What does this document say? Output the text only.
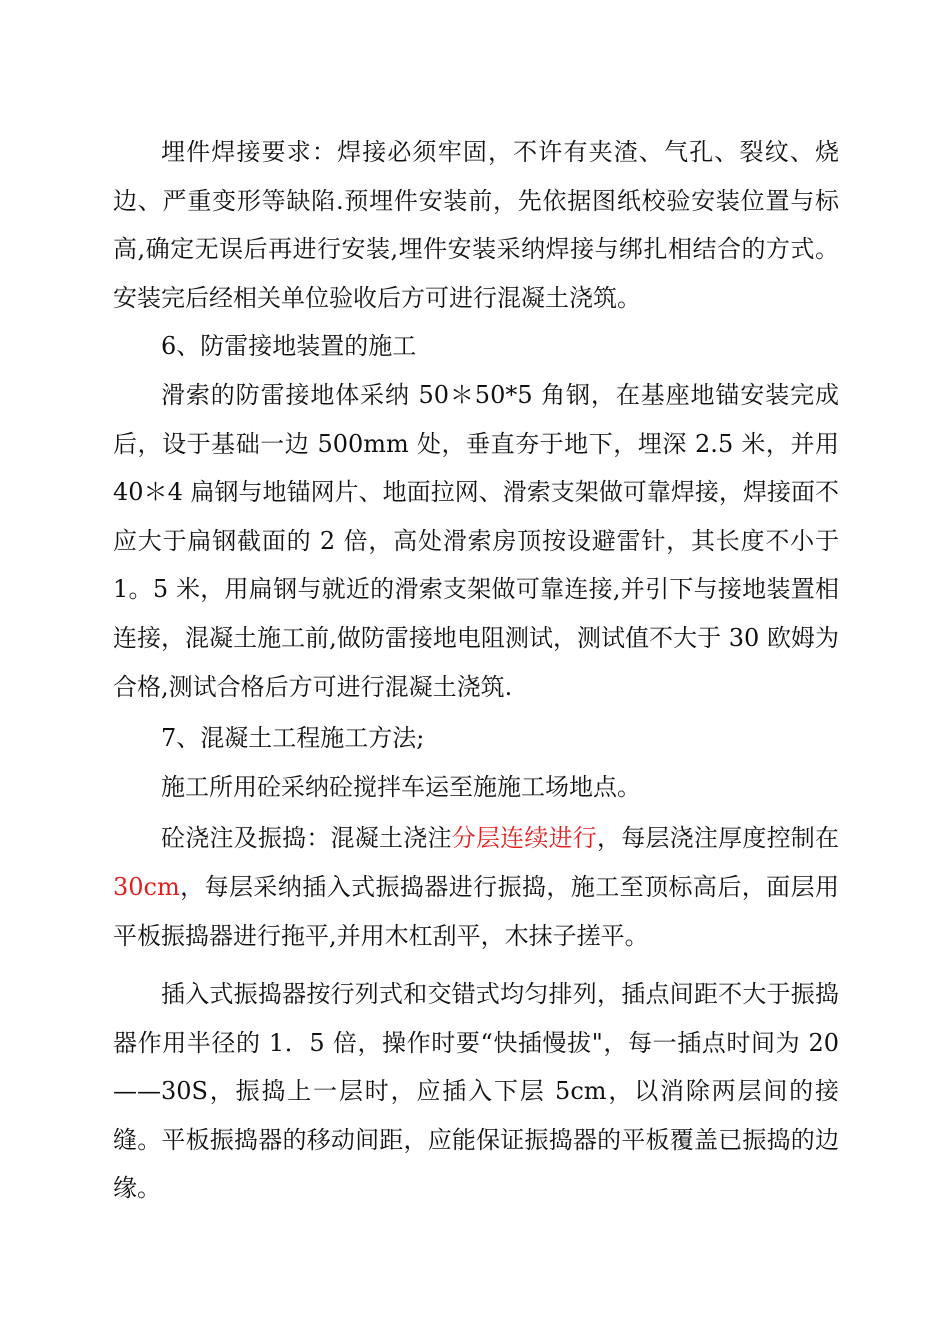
埋件焊接要求：焊接必须牢固，不许有夹渣、气孔、裂纹、烧边、严重变形等缺陷.预埋件安装前，先依据图纸校验安装位置与标高,确定无误后再进行安装,埋件安装采纳焊接与绑扎相结合的方式。安装完后经相关单位验收后方可进行混凝土浇筑。

6、防雷接地装置的施工

滑索的防雷接地体采纳 50＊50*5 角钢，在基座地锚安装完成后，设于基础一边 500mm 处，垂直夯于地下，埋深 2.5 米，并用 40＊4 扁钢与地锚网片、地面拉网、滑索支架做可靠焊接，焊接面不应大于扁钢截面的 2 倍，高处滑索房顶按设避雷针，其长度不小于 1。5 米，用扁钢与就近的滑索支架做可靠连接,并引下与接地装置相连接，混凝土施工前,做防雷接地电阻测试，测试值不大于 30 欧姆为合格,测试合格后方可进行混凝土浇筑.

7、混凝土工程施工方法;

施工所用砼采纳砼搅拌车运至施施工场地点。

砼浇注及振捣：混凝土浇注分层连续进行，每层浇注厚度控制在 30cm，每层采纳插入式振捣器进行振捣，施工至顶标高后，面层用平板振捣器进行拖平,并用木杠刮平，木抹子搓平。

插入式振捣器按行列式和交错式均匀排列，插点间距不大于振捣器作用半径的 1．5 倍，操作时要“快插慢拔"，每一插点时间为 20——30S，振捣上一层时，应插入下层 5cm，以消除两层间的接缝。平板振捣器的移动间距，应能保证振捣器的平板覆盖已振捣的边缘。
